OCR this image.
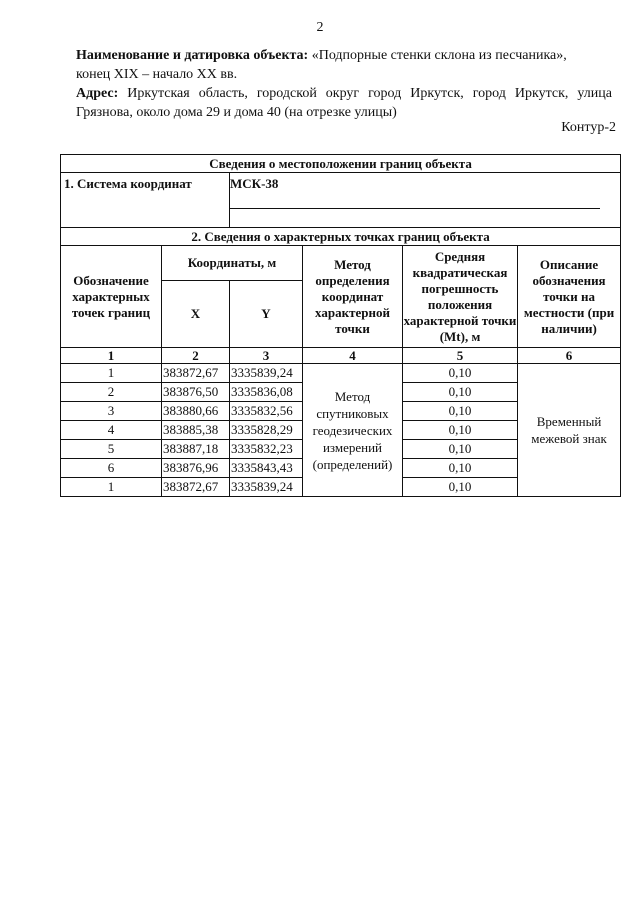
2

Наименование и датировка объекта: «Подпорные стенки склона из песчаника»,

конец XIX – начало XX вв.

Адрес: Иркутская область, городской округ город Иркутск, город Иркутск, улица Грязнова, около дома 29 и дома 40 (на отрезке улицы)

Контур-2
Сведения о местоположении границ объекта					
1. Система координат		МСК-38			

2. Сведения о характерных точках границ объекта					
Обозначение характерных точек границ	Координаты, м		Метод определения координат характерной точки	Средняя квадратическая погрешность положения характерной точки (Mt), м	Описание обозначения точки на местности (при наличии)
	X	Y			
1	2	3	4	5	6
1	383872,67	3335839,24	Метод спутниковых геодезических измерений (определений)	0,10	Временный межевой знак
2	383876,50	3335836,08		0,10	
3	383880,66	3335832,56		0,10	
4	383885,38	3335828,29		0,10	
5	383887,18	3335832,23		0,10	
6	383876,96	3335843,43		0,10	
1	383872,67	3335839,24		0,10	
